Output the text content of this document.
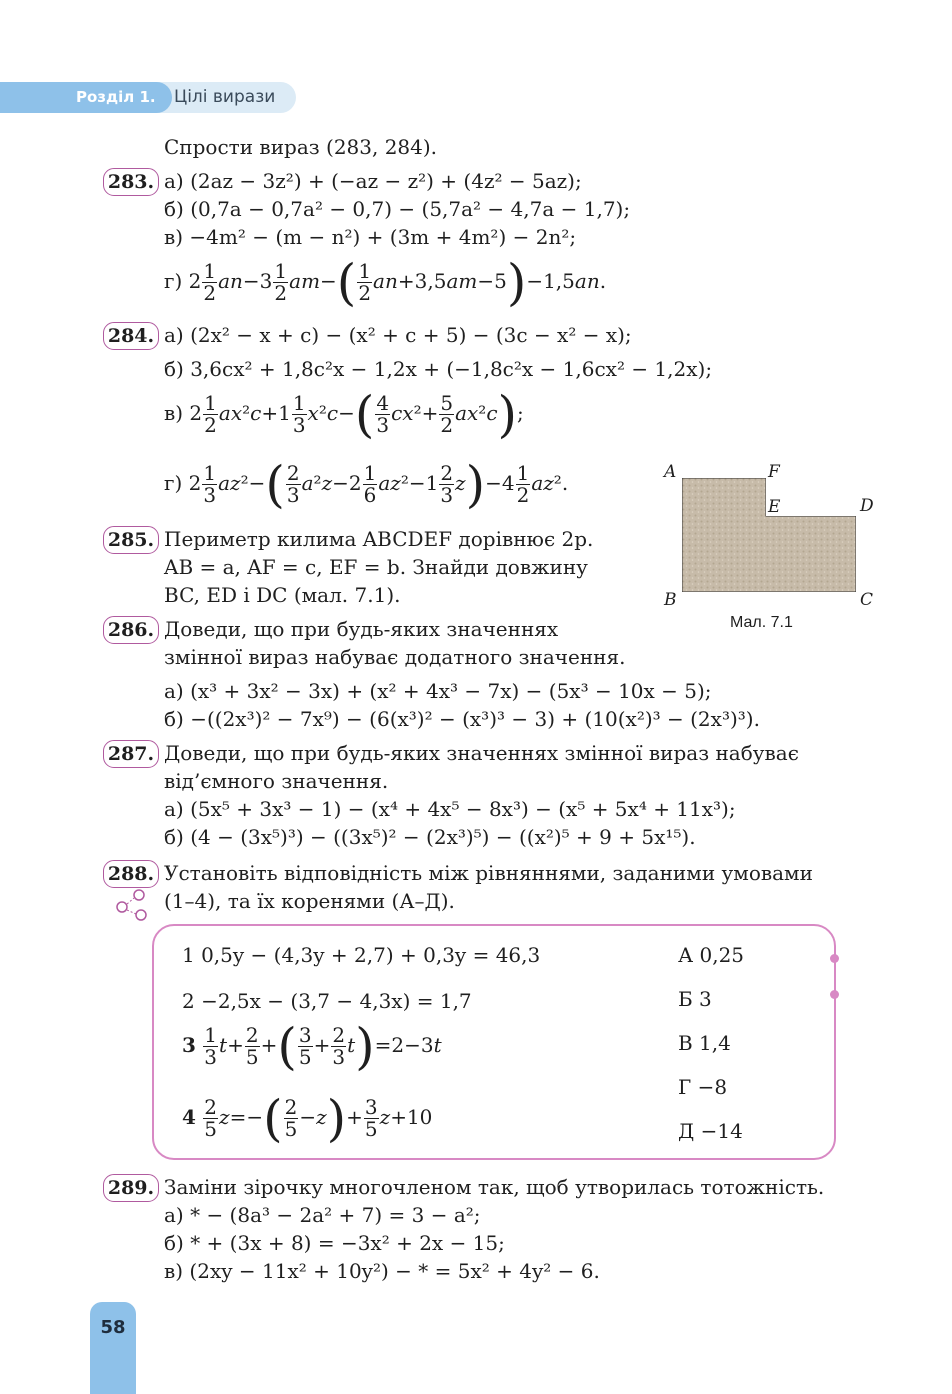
Розділ 1.	Цілі вирази
Спрости вираз (283, 284).
283. а) (2az − 3z²) + (−az − z²) + (4z² − 5az);
б) (0,7a − 0,7a² − 0,7) − (5,7a² − 4,7a − 1,7);
в) −4m² − (m − n²) + (3m + 4m²) − 2n²;
г) $2 \frac{1}{2} an-3 \frac{1}{2} am-( \frac{1}{2} an+3,5am-5)-1,5an$.
284. а) (2x² − x + c) − (x² + c + 5) − (3c − x² − x);
б) 3,6cx² + 1,8c²x − 1,2x + (−1,8c²x − 1,6cx² − 1,2x);
в) $2 \frac{1}{2} ax^2c+1 \frac{1}{3} x^2c-( \frac{4}{3} cx^2+ \frac{5}{2} ax^2c)$;
г) $2 \frac{1}{3} az^2-( \frac{2}{3} a^2z-2 \frac{1}{6} az^2-1 \frac{2}{3} z)-4 \frac{1}{2} az^2$.	A	F
E	D
B	C
Мал. 7.1
285. Периметр килима ABCDEF дорівнює 2p.
AB = a, AF = c, EF = b. Знайди довжину
BC, ED і DC (мал. 7.1).
286. Доведи, що при будь-яких значеннях
змінної вираз набуває додатного значення.
а) (x³ + 3x² − 3x) + (x² + 4x³ − 7x) − (5x³ − 10x − 5);
б) −((2x³)² − 7x⁹) − (6(x³)² − (x³)³ − 3) + (10(x²)³ − (2x³)³).
287. Доведи, що при будь-яких значеннях змінної вираз набуває
від’ємного значення.
а) (5x⁵ + 3x³ − 1) − (x⁴ + 4x⁵ − 8x³) − (x⁵ + 5x⁴ + 11x³);
б) (4 − (3x⁵)³) − ((3x⁵)² − (2x³)⁵) − ((x²)⁵ + 9 + 5x¹⁵).
288. Установіть відповідність між рівняннями, заданими умовами
(1–4), та їх коренями (А–Д).
1 0,5y − (4,3y + 2,7) + 0,3y = 46,3
2 −2,5x − (3,7 − 4,3x) = 1,7
$3 \frac{1}{3} t+ \frac{2}{5}$ +( $\frac{3}{5} + \frac{2}{3} t)=2-3t$
$4 \frac{2}{5} z=-( \frac{2}{5} -z)+ \frac{3}{5} z+10$
А 0,25
Б 3
В 1,4
Г −8
Д −14
289. Заміни зірочку многочленом так, щоб утворилась тотожність.
а) * − (8a³ − 2a² + 7) = 3 − a²;
б) * + (3x + 8) = −3x² + 2x − 15;
в) (2xy − 11x² + 10y²) − * = 5x² + 4y² − 6.
58
